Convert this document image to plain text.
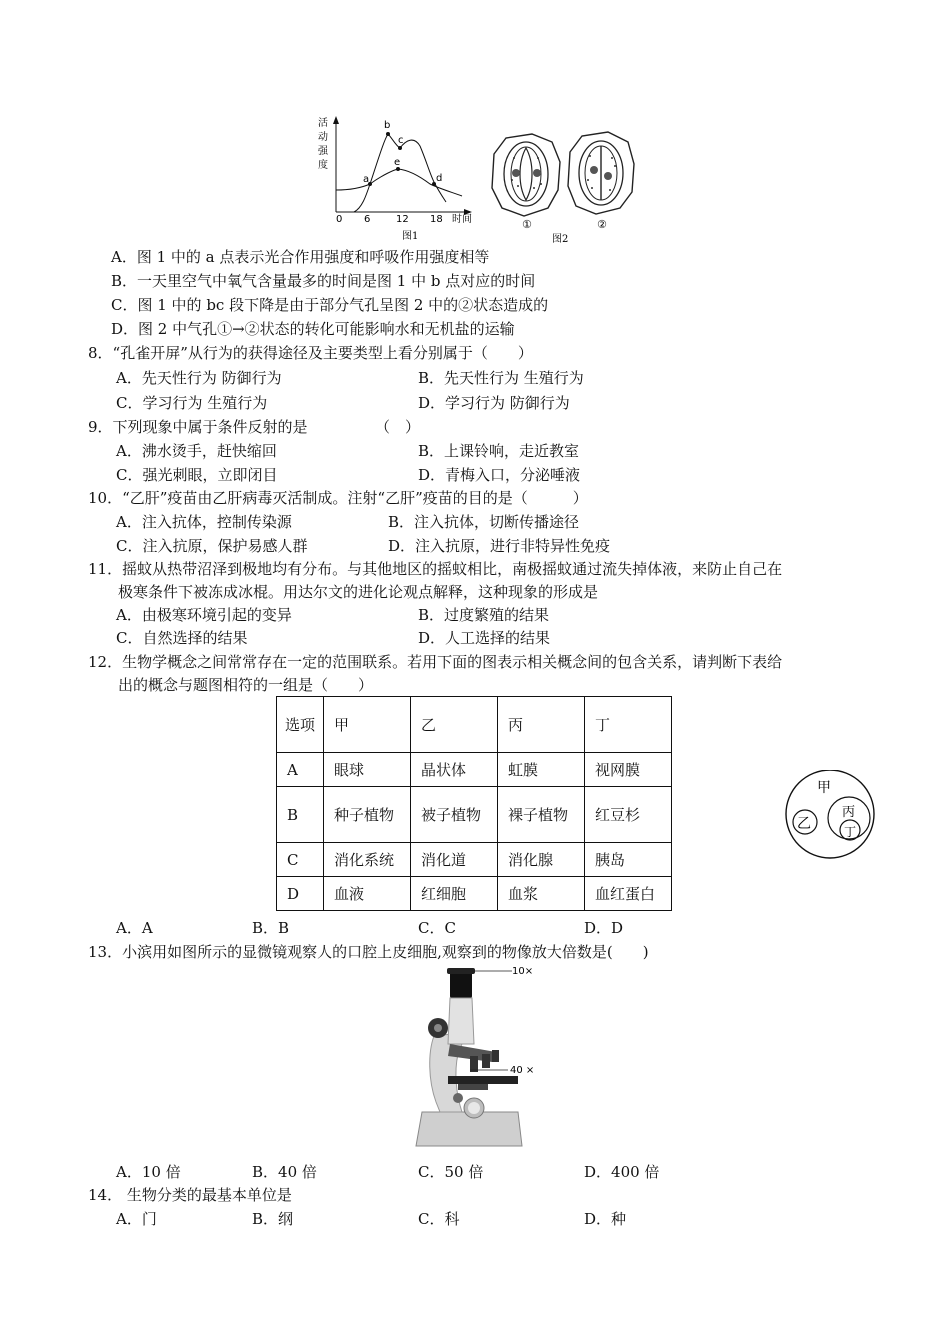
a
b
c
e
d
活
动
强
度
0 6	12 18 时间
图1
①	②
图2
A．图 1 中的 a 点表示光合作用强度和呼吸作用强度相等
B．一天里空气中氧气含量最多的时间是图 1 中 b 点对应的时间
C．图 1 中的 bc 段下降是由于部分气孔呈图 2 中的②状态造成的
D．图 2 中气孔①→②状态的转化可能影响水和无机盐的运输
8．“孔雀开屏”从行为的获得途径及主要类型上看分别属于（　　）
A．先天性行为 防御行为	B．先天性行为 生殖行为
C．学习行为 生殖行为	D．学习行为 防御行为
9．下列现象中属于条件反射的是　　　　　（　）
A．沸水烫手，赶快缩回	B．上课铃响，走近教室
C．强光刺眼，立即闭目	D．青梅入口，分泌唾液
10．“乙肝”疫苗由乙肝病毒灭活制成。注射“乙肝”疫苗的目的是（　　　）
A．注入抗体，控制传染源	B．注入抗体，切断传播途径
C．注入抗原，保护易感人群	D．注入抗原，进行非特异性免疫
11．摇蚊从热带沼泽到极地均有分布。与其他地区的摇蚊相比，南极摇蚊通过流失掉体液，来防止自己在
极寒条件下被冻成冰棍。用达尔文的进化论观点解释，这种现象的形成是
A．由极寒环境引起的变异	B．过度繁殖的结果
C．自然选择的结果	D．人工选择的结果
12．生物学概念之间常常存在一定的范围联系。若用下面的图表示相关概念间的包含关系，请判断下表给
出的概念与题图相符的一组是（　　）
选项	甲	乙	丙	丁
A	眼球	晶状体	虹膜	视网膜
B	种子植物	被子植物	裸子植物	红豆杉
C	消化系统	消化道	消化腺	胰岛
D	血液	红细胞	血浆	血红蛋白
甲
乙
丙
丁
A．A	B．B	C．C	D．D
13．小滨用如图所示的显微镜观察人的口腔上皮细胞,观察到的物像放大倍数是(　　)
10×
40 ×
A．10 倍	B．40 倍	C．50 倍	D．400 倍
14． 生物分类的最基本单位是
A．门	B．纲	C．科	D．种
